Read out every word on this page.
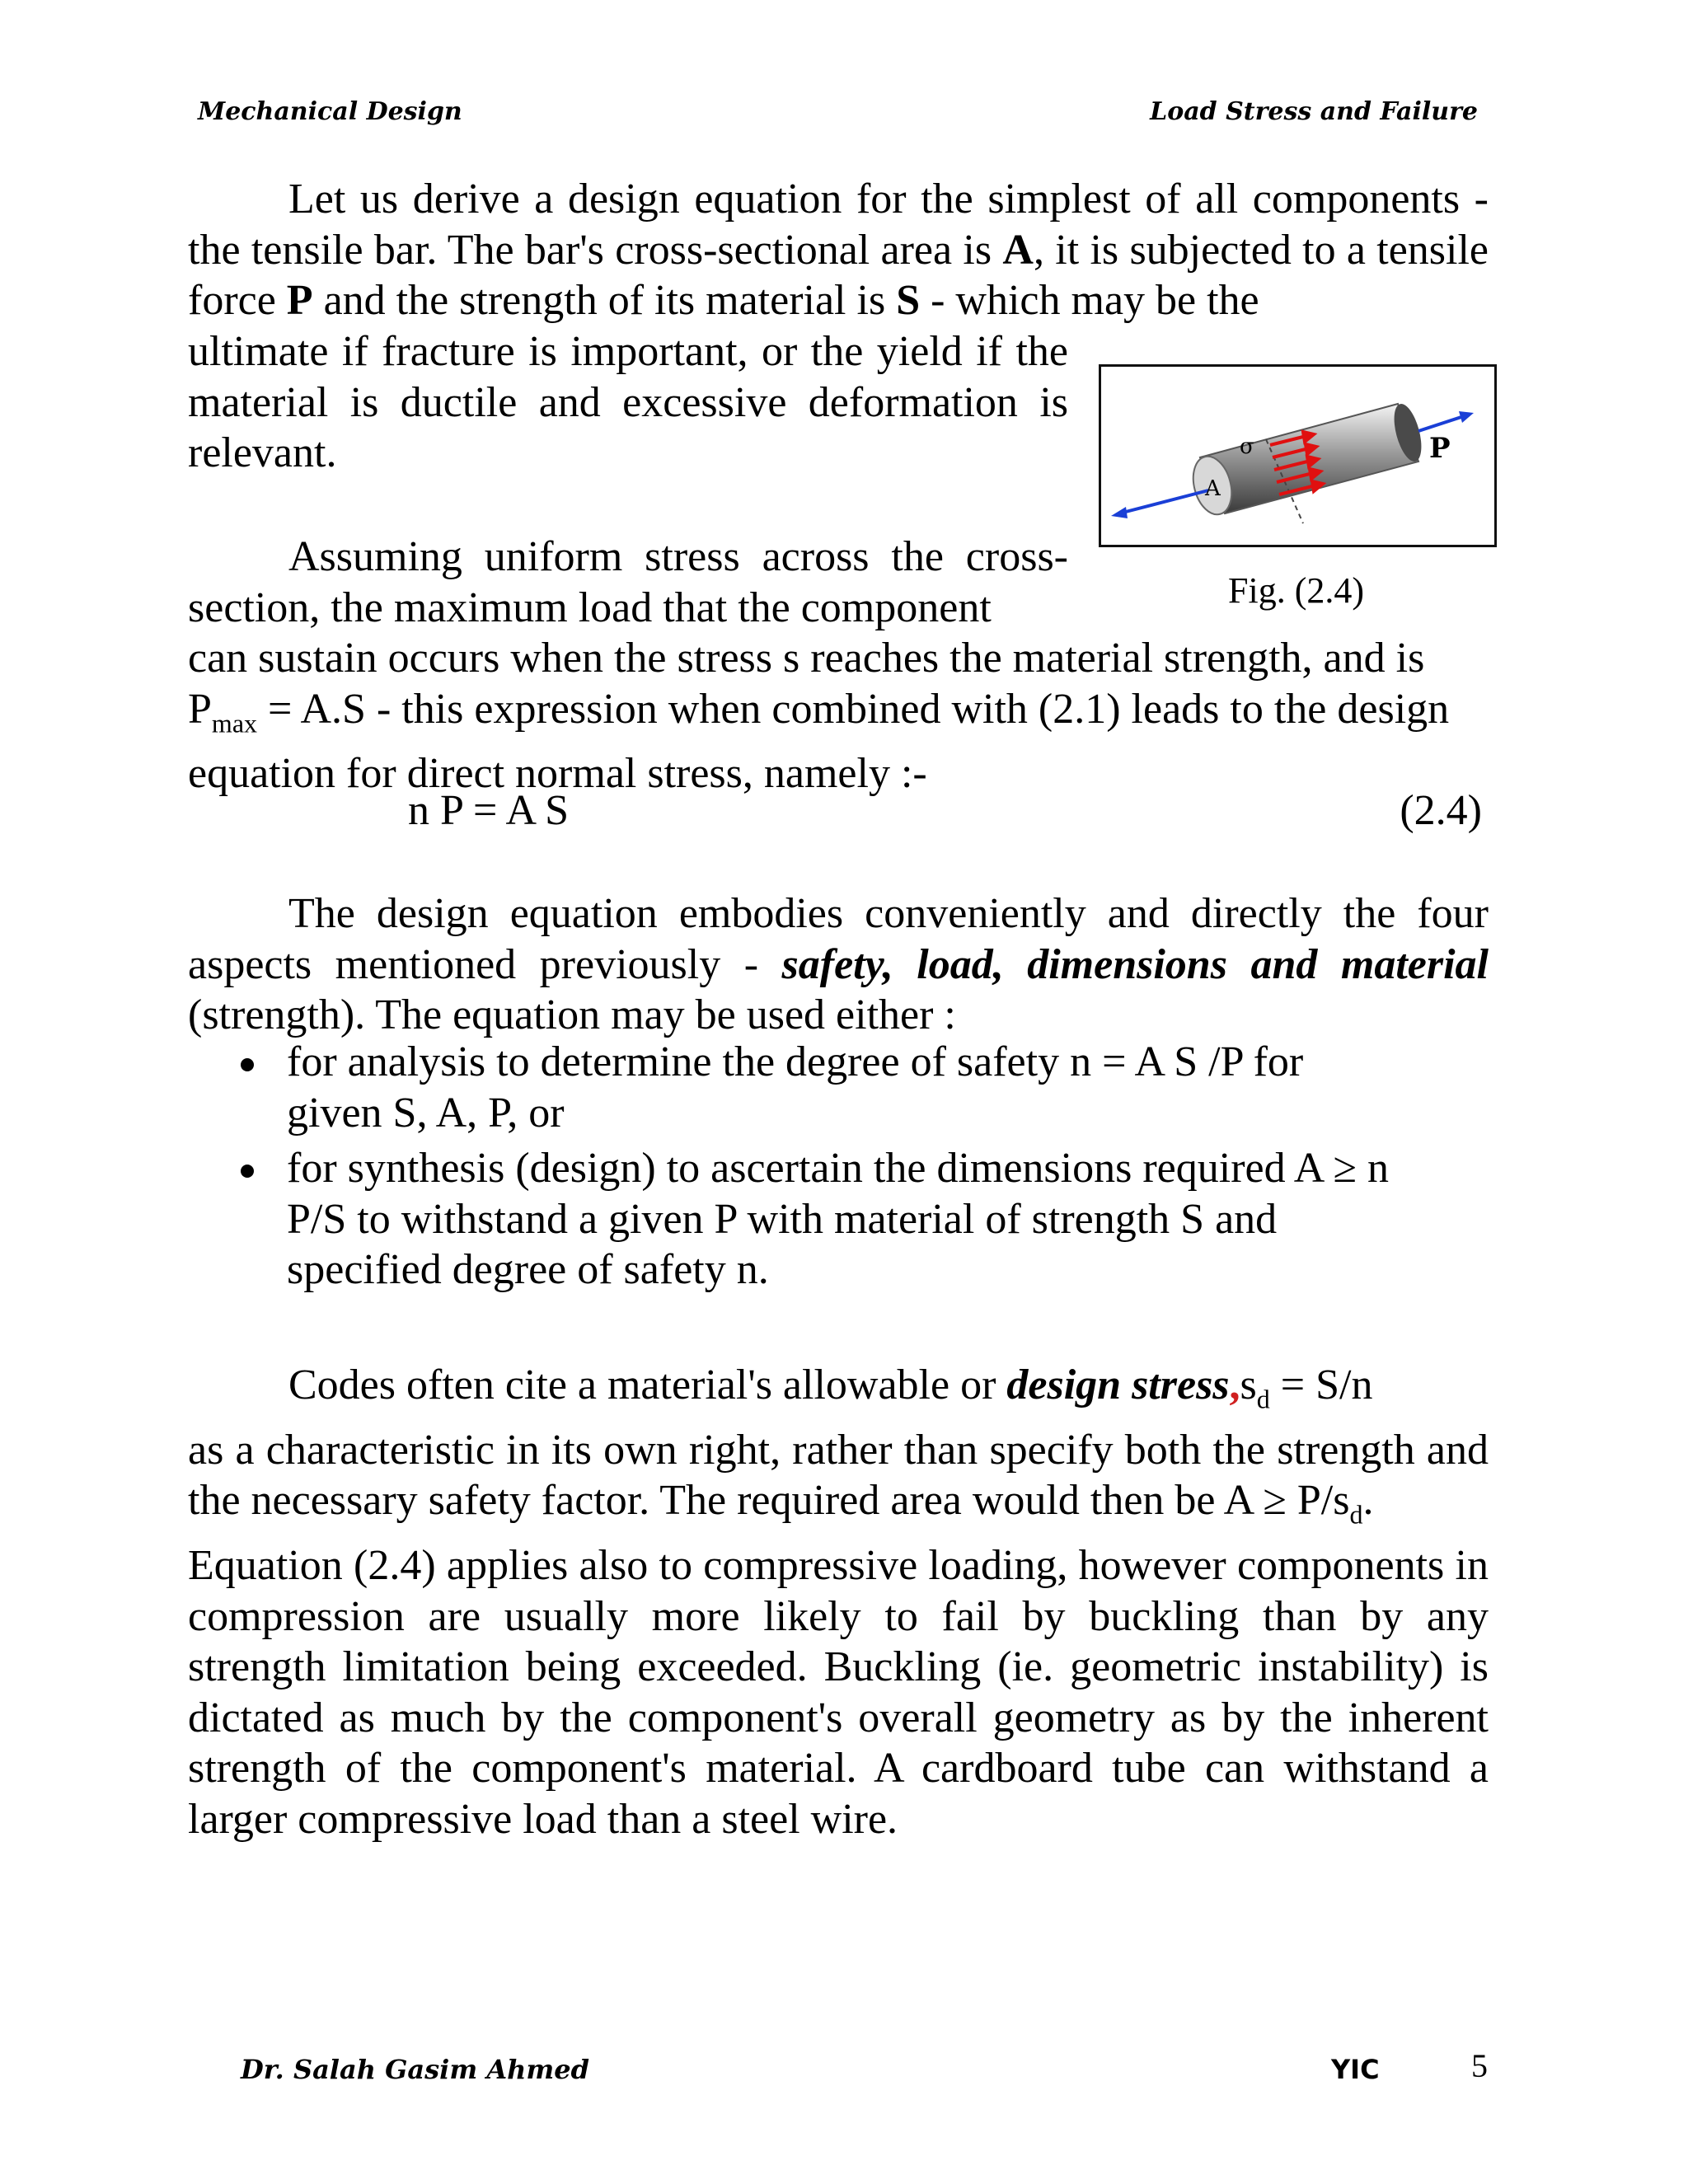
Mechanical Design	Load Stress and Failure
Let us derive a design equation for the simplest of all components - the tensile bar. The bar's cross-sectional area is A, it is subjected to a tensile force P and the strength of its material is S - which may be the
ultimate if fracture is important, or the yield if the material is ductile and excessive deformation is relevant.	σ
A
P
Fig. (2.4)
Assuming uniform stress across the cross-section, the maximum load that the component
can sustain occurs when the stress s reaches the material strength, and is
$P_{max} = A.S$ - this expression when combined with (2.1) leads to the design
equation for direct normal stress, namely :-
n P = A S	(2.4)
The design equation embodies conveniently and directly the four aspects mentioned previously - safety, load, dimensions and material (strength). The equation may be used either :
for analysis to determine the degree of safety n = A S /P for
given S, A, P, or
for synthesis (design) to ascertain the dimensions required A ≥ n
P/S to withstand a given P with material of strength S and
specified degree of safety n.
Codes often cite a material's allowable or design $stress,s_d = S/n$
as a characteristic in its own right, rather than specify both the strength and the necessary safety factor. The required area would then be $A \ge P/s_d$.
Equation (2.4) applies also to compressive loading, however components in compression are usually more likely to fail by buckling than by any strength limitation being exceeded. Buckling (ie. geometric instability) is dictated as much by the component's overall geometry as by the inherent strength of the component's material. A cardboard tube can withstand a larger compressive load than a steel wire.
Dr. Salah Gasim Ahmed	YIC	5
